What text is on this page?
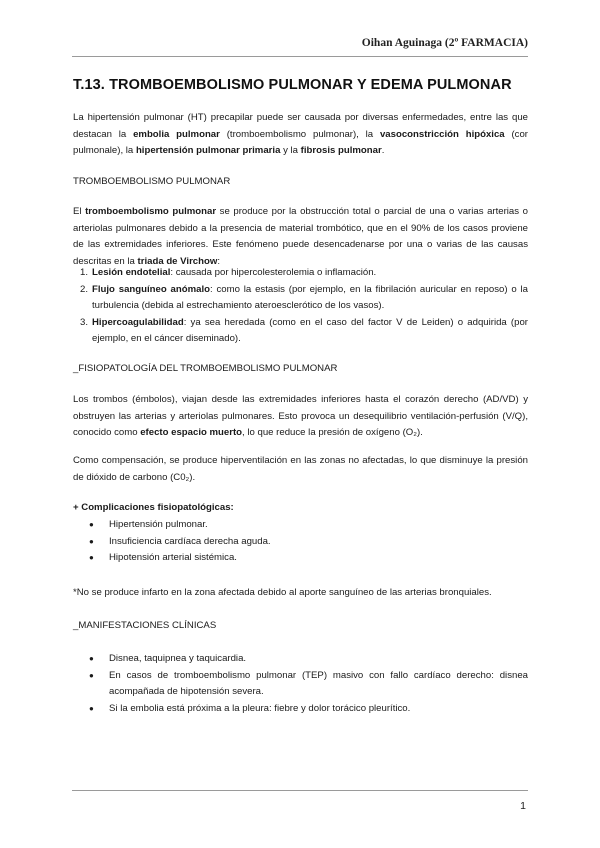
Oihan Aguinaga (2º FARMACIA)
T.13. TROMBOEMBOLISMO PULMONAR Y EDEMA PULMONAR
La hipertensión pulmonar (HT) precapilar puede ser causada por diversas enfermedades, entre las que destacan la embolia pulmonar (tromboembolismo pulmonar), la vasoconstricción hipóxica (cor pulmonale), la hipertensión pulmonar primaria y la fibrosis pulmonar.
TROMBOEMBOLISMO PULMONAR
El tromboembolismo pulmonar se produce por la obstrucción total o parcial de una o varias arterias o arteriolas pulmonares debido a la presencia de material trombótico, que en el 90% de los casos proviene de las extremidades inferiores. Este fenómeno puede desencadenarse por una o varias de las causas descritas en la triada de Virchow:
1. Lesión endotelial: causada por hipercolesterolemia o inflamación.
2. Flujo sanguíneo anómalo: como la estasis (por ejemplo, en la fibrilación auricular en reposo) o la turbulencia (debida al estrechamiento ateroesclerótico de los vasos).
3. Hipercoagulabilidad: ya sea heredada (como en el caso del factor V de Leiden) o adquirida (por ejemplo, en el cáncer diseminado).
_FISIOPATOLOGÍA DEL TROMBOEMBOLISMO PULMONAR
Los trombos (émbolos), viajan desde las extremidades inferiores hasta el corazón derecho (AD/VD) y obstruyen las arterias y arteriolas pulmonares. Esto provoca un desequilibrio ventilación-perfusión (V/Q), conocido como efecto espacio muerto, lo que reduce la presión de oxígeno (O₂).
Como compensación, se produce hiperventilación en las zonas no afectadas, lo que disminuye la presión de dióxido de carbono (C0₂).
+ Complicaciones fisiopatológicas:
● Hipertensión pulmonar.
● Insuficiencia cardíaca derecha aguda.
● Hipotensión arterial sistémica.
*No se produce infarto en la zona afectada debido al aporte sanguíneo de las arterias bronquiales.
_MANIFESTACIONES CLÍNICAS
● Disnea, taquipnea y taquicardia.
● En casos de tromboembolismo pulmonar (TEP) masivo con fallo cardíaco derecho: disnea acompañada de hipotensión severa.
● Si la embolia está próxima a la pleura: fiebre y dolor torácico pleurítico.
1
